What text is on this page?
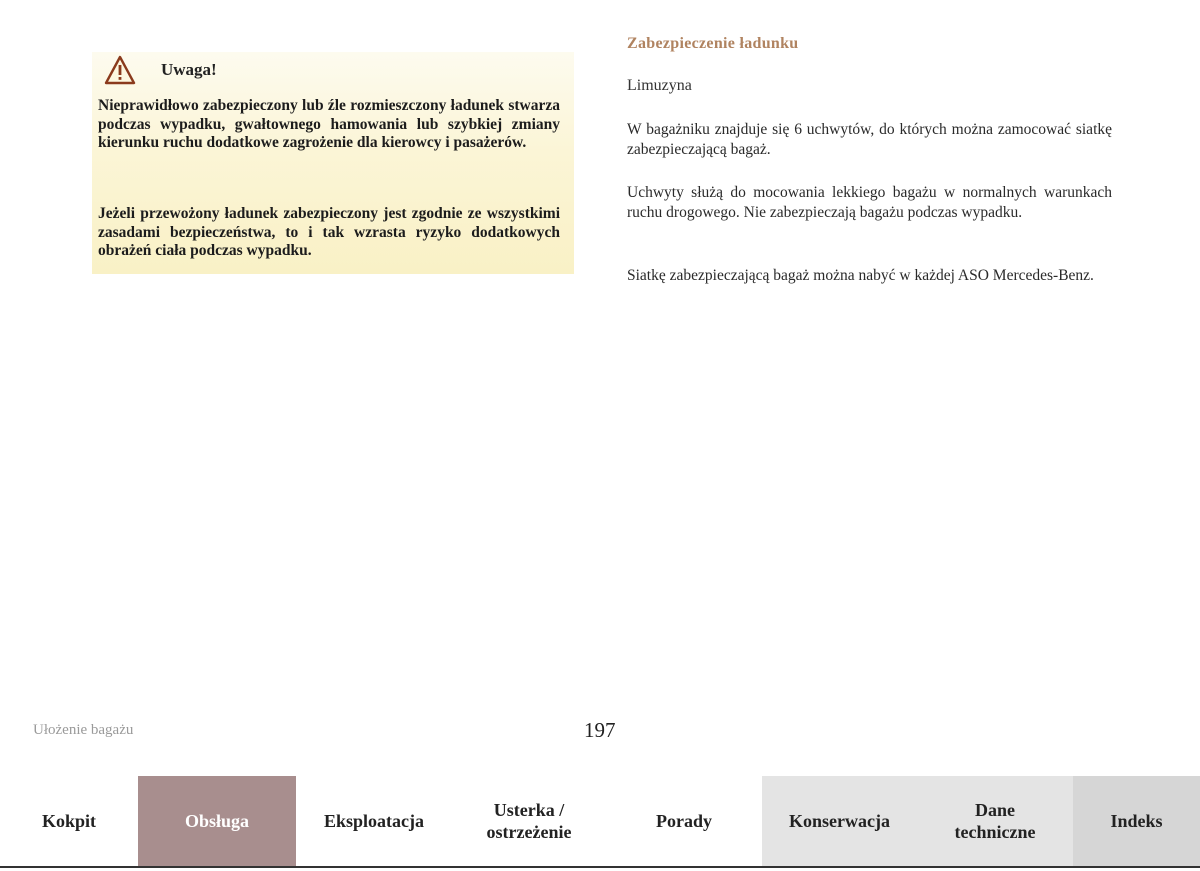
Uwaga!

Nieprawidłowo zabezpieczony lub źle rozmieszczony ładunek stwarza podczas wypadku, gwałtownego hamowania lub szybkiej zmiany kierunku ruchu dodatkowe zagrożenie dla kierowcy i pasażerów.

Jeżeli przewożony ładunek zabezpieczony jest zgodnie ze wszystkimi zasadami bezpieczeństwa, to i tak wzrasta ryzyko dodatkowych obrażeń ciała podczas wypadku.

Zabezpieczenie ładunku

Limuzyna

W bagażniku znajduje się 6 uchwytów, do których można zamocować siatkę zabezpieczającą bagaż.

Uchwyty służą do mocowania lekkiego bagażu w normalnych warunkach ruchu drogowego. Nie zabezpieczają bagażu podczas wypadku.

Siatkę zabezpieczającą bagaż można nabyć w każdej ASO Mercedes-Benz.

Ułożenie bagażu	197
Kokpit	Obsługa	Eksploatacja
Usterka /
ostrzeżenie
Porady	Konserwacja
Dane
techniczne
Indeks
